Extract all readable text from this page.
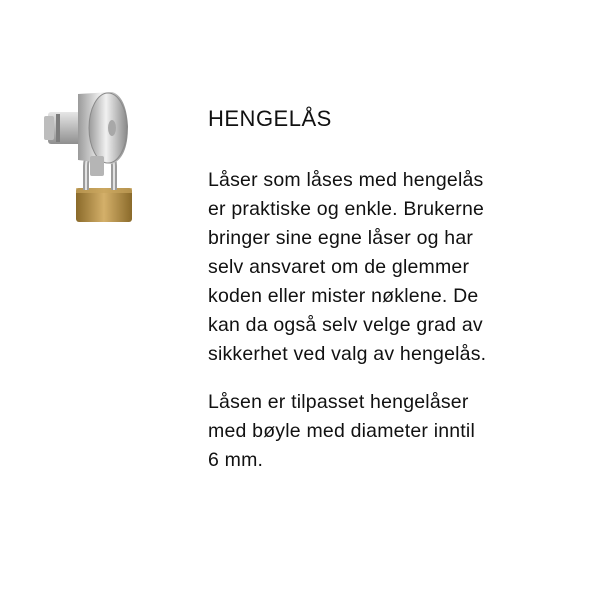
HENGELÅS
Låser som låses med hengelås
er praktiske og enkle. Brukerne
bringer sine egne låser og har
selv ansvaret om de glemmer
koden eller mister nøklene. De
kan da også selv velge grad av
sikkerhet ved valg av hengelås.
Låsen er tilpasset hengelåser
med bøyle med diameter inntil
6 mm.
